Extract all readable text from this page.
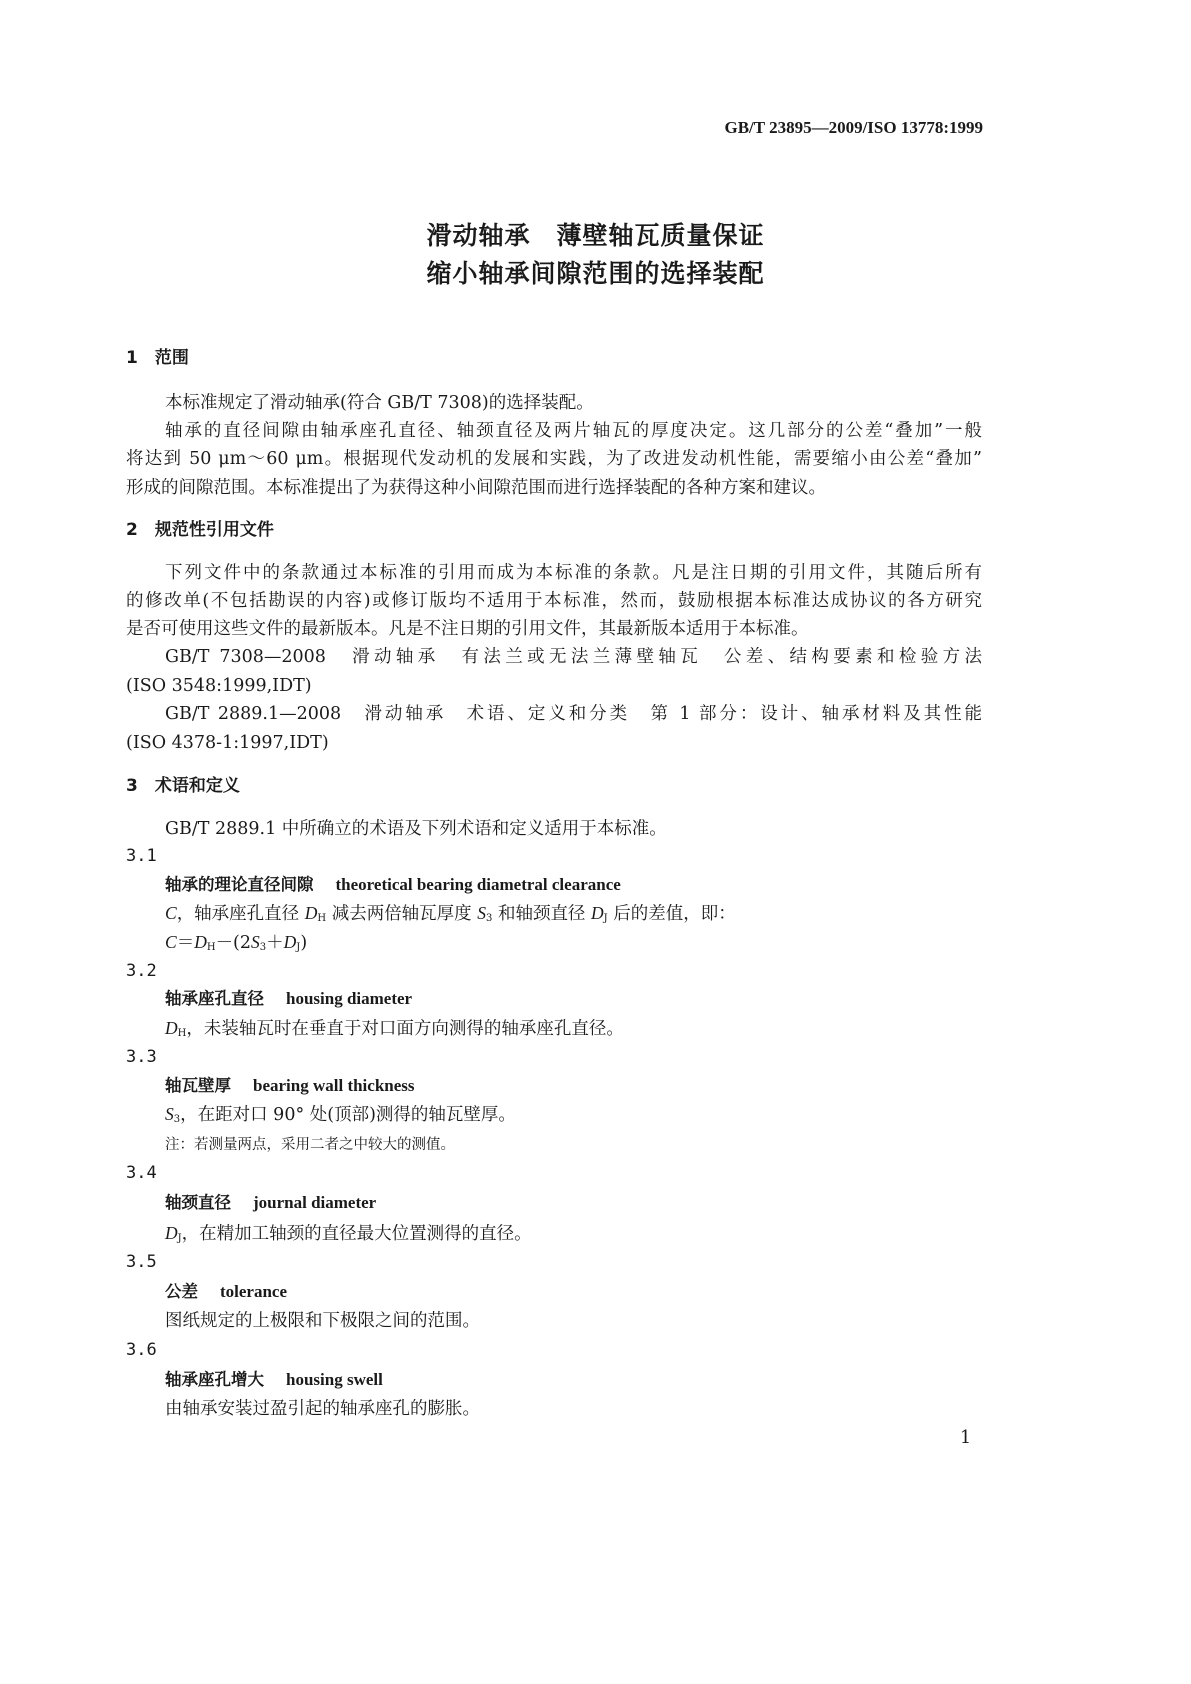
GB/T 23895—2009/ISO 13778:1999
滑动轴承　薄壁轴瓦质量保证
缩小轴承间隙范围的选择装配
1　范围
本标准规定了滑动轴承(符合 GB/T 7308)的选择装配。
轴承的直径间隙由轴承座孔直径、轴颈直径及两片轴瓦的厚度决定。这几部分的公差“叠加”一般
将达到 50 μm～60 μm。根据现代发动机的发展和实践，为了改进发动机性能，需要缩小由公差“叠加”
形成的间隙范围。本标准提出了为获得这种小间隙范围而进行选择装配的各种方案和建议。
2　规范性引用文件
下列文件中的条款通过本标准的引用而成为本标准的条款。凡是注日期的引用文件，其随后所有
的修改单(不包括勘误的内容)或修订版均不适用于本标准，然而，鼓励根据本标准达成协议的各方研究
是否可使用这些文件的最新版本。凡是不注日期的引用文件，其最新版本适用于本标准。
GB/T 7308—2008　滑动轴承　有法兰或无法兰薄壁轴瓦　公差、结构要素和检验方法
(ISO 3548:1999,IDT)
GB/T 2889.1—2008　滑动轴承　术语、定义和分类　第 1 部分：设计、轴承材料及其性能
(ISO 4378-1:1997,IDT)
3　术语和定义
GB/T 2889.1 中所确立的术语及下列术语和定义适用于本标准。
3.1
轴承的理论直径间隙 theoretical bearing diametral clearance
C，轴承座孔直径 $D_H$ 减去两倍轴瓦厚度 $S_3$ 和轴颈直径 $D_J$ 后的差值，即：
$C=D_H-(2S_3+D_J)$
3.2
轴承座孔直径 housing diameter
$D_H$，未装轴瓦时在垂直于对口面方向测得的轴承座孔直径。
3.3
轴瓦壁厚 bearing wall thickness
$S_3$，在距对口 90° 处(顶部)测得的轴瓦壁厚。
注：若测量两点，采用二者之中较大的测值。
3.4
轴颈直径 journal diameter
$D_J$，在精加工轴颈的直径最大位置测得的直径。
3.5
公差 tolerance
图纸规定的上极限和下极限之间的范围。
3.6
轴承座孔增大 housing swell
由轴承安装过盈引起的轴承座孔的膨胀。
1
